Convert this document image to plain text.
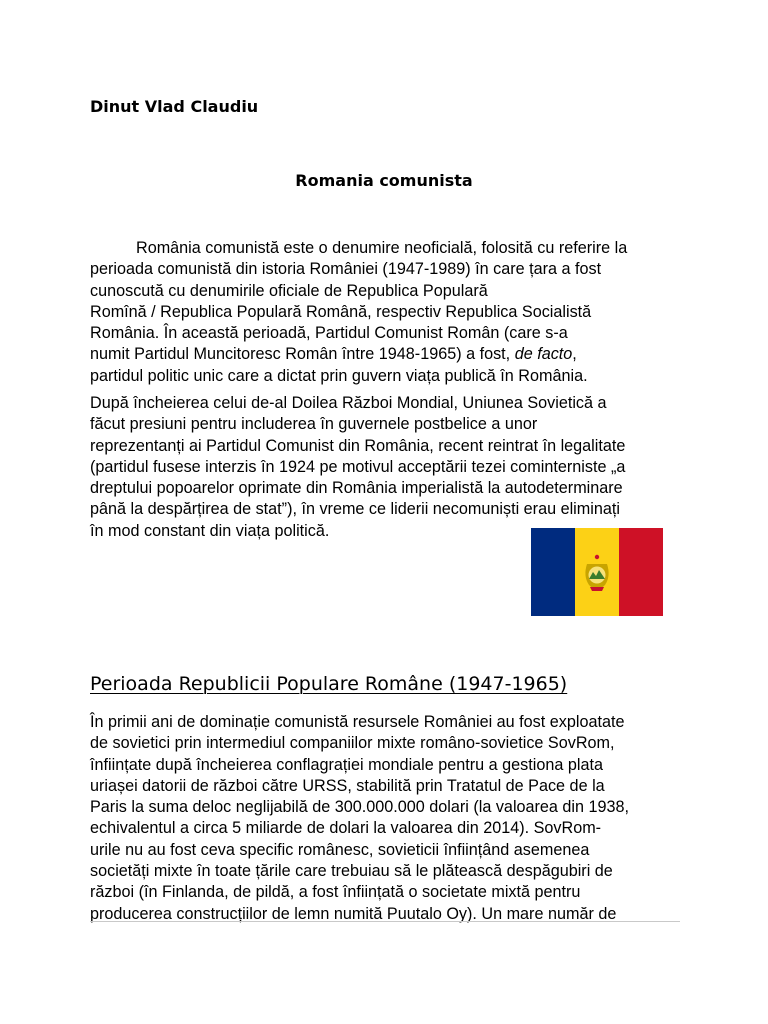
Dinut Vlad Claudiu
Romania comunista
România comunistă este o denumire neoficială, folosită cu referire la
perioada comunistă din istoria României (1947-1989) în care țara a fost
cunoscută cu denumirile oficiale de Republica Populară
Romînă / Republica Populară Română, respectiv Republica Socialistă
România. În această perioadă, Partidul Comunist Român (care s-a
numit Partidul Muncitoresc Român între 1948-1965) a fost, de facto,
partidul politic unic care a dictat prin guvern viața publică în România.
După încheierea celui de-al Doilea Război Mondial, Uniunea Sovietică a
făcut presiuni pentru includerea în guvernele postbelice a unor
reprezentanți ai Partidul Comunist din România, recent reintrat în legalitate
(partidul fusese interzis în 1924 pe motivul acceptării tezei cominterniste „a
dreptului popoarelor oprimate din România imperialistă la autodeterminare
până la despărțirea de stat”), în vreme ce liderii necomuniști erau eliminați
în mod constant din viața politică.
Perioada Republicii Populare Române (1947-1965)
În primii ani de dominație comunistă resursele României au fost exploatate
de sovietici prin intermediul companiilor mixte româno-sovietice SovRom,
înființate după încheierea conflagrației mondiale pentru a gestiona plata
uriașei datorii de război către URSS, stabilită prin Tratatul de Pace de la
Paris la suma deloc neglijabilă de 300.000.000 dolari (la valoarea din 1938,
echivalentul a circa 5 miliarde de dolari la valoarea din 2014). SovRom-
urile nu au fost ceva specific românesc, sovieticii înființând asemenea
societăți mixte în toate țările care trebuiau să le plătească despăgubiri de
război (în Finlanda, de pildă, a fost înființată o societate mixtă pentru
producerea construcțiilor de lemn numită Puutalo Oy). Un mare număr de
